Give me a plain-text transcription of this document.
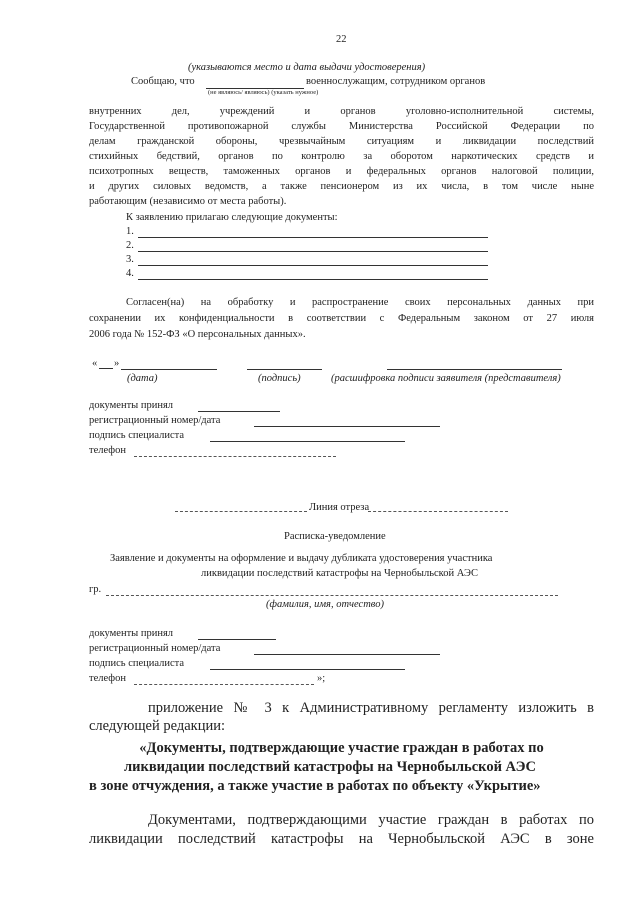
22
(указываются место и дата выдачи удостоверения)
Сообщаю, что	военнослужащим, сотрудником органов
(не являюсь/ являюсь) (указать нужное)
внутренних дел, учреждений и органов уголовно-исполнительной системы,
Государственной противопожарной службы Министерства Российской Федерации по
делам гражданской обороны, чрезвычайным ситуациям и ликвидации последствий
стихийных бедствий, органов по контролю за оборотом наркотических средств и
психотропных веществ, таможенных органов и федеральных органов налоговой полиции,
и других силовых ведомств, а также пенсионером из их числа, в том числе ныне
работающим (независимо от места работы).
К заявлению прилагаю следующие документы:
1.
2.
3.
4.
Согласен(на) на обработку и распространение своих персональных данных при
сохранении их конфиденциальности в соответствии с Федеральным законом от 27 июля
2006 года № 152-ФЗ «О персональных данных».
« »
(дата)	(подпись)	(расшифровка подписи заявителя (представителя)
документы принял
регистрационный номер/дата
подпись специалиста
телефон
Линия отреза
Расписка-уведомление
Заявление и документы на оформление и выдачу дубликата удостоверения участника
ликвидации последствий катастрофы на Чернобыльской АЭС
гр.
(фамилия, имя, отчество)
документы принял
регистрационный номер/дата
подпись специалиста
телефон	»;
приложение № 3 к Административному регламенту изложить в
следующей редакции:
«Документы, подтверждающие участие граждан в работах по
ликвидации последствий катастрофы на Чернобыльской АЭС
в зоне отчуждения, а также участие в работах по объекту «Укрытие»
Документами, подтверждающими участие граждан в работах по
ликвидации последствий катастрофы на Чернобыльской АЭС в зоне
